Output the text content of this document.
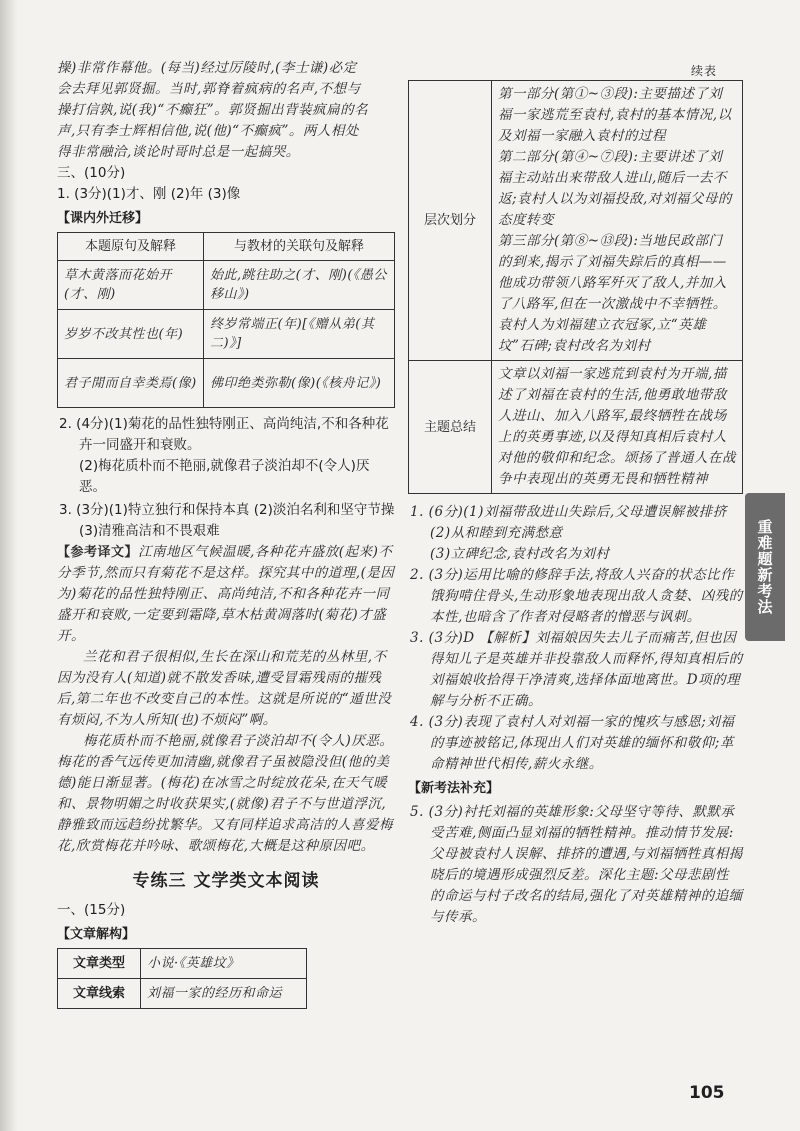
操)非常作幕他。(每当)经过厉陵时,(李士谦)必定

会去拜见郭贤掘。当时,郭脊着疯病的名声,不想与

操打信孰,说(我)“不癫狂”。郭贤掘出背装疯扁的名

声,只有李士辉相信他,说(他)“不癫疯”。两人相处

得非常融洽,谈论时哥时总是一起搞哭。

三、(10分)

1. (3分)(1)才、刚 (2)年 (3)像

【课内外迁移】

本题原句及解释	与教材的关联句及解释
草木黄落而花始开(才、刚)	始此,跳往助之(才、刚)(《愚公移山》)
岁岁不改其性也(年)	终岁常端正(年)[《赠从弟(其二)》]
君子閒而自幸类焉(像)	佛印绝类弥勒(像)(《核舟记》)

2. (4分)(1)菊花的品性独特刚正、高尚纯洁,不和各种花卉一同盛开和衰败。

(2)梅花质朴而不艳丽,就像君子淡泊却不(令人)厌恶。

3. (3分)(1)特立独行和保持本真 (2)淡泊名利和坚守节操 (3)清雅高洁和不畏艰难

【参考译文】江南地区气候温暖,各种花卉盛放(起来)不分季节,然而只有菊花不是这样。探究其中的道理,(是因为)菊花的品性独特刚正、高尚纯洁,不和各种花卉一同盛开和衰败,一定要到霜降,草木枯黄凋落时(菊花)才盛开。

兰花和君子很相似,生长在深山和荒芜的丛林里,不因为没有人(知道)就不散发香味,遭受冒霜残雨的摧残后,第二年也不改变自己的本性。这就是所说的“遁世没有烦闷,不为人所知(也)不烦闷”啊。

梅花质朴而不艳丽,就像君子淡泊却不(令人)厌恶。梅花的香气远传更加清幽,就像君子虽被隐没但(他的美德)能日渐显著。(梅花)在冰雪之时绽放花朵,在天气暖和、景物明媚之时收获果实,(就像)君子不与世道浮沉,静雅致而远趋纷扰繁华。又有同样追求高洁的人喜爱梅花,欣赏梅花并吟咏、歌颂梅花,大概是这种原因吧。

专练三 文学类文本阅读

一、(15分)

【文章解构】

文章类型	小说·《英雄坟》
文章线索	刘福一家的经历和命运
续表
层次划分	第一部分(第①~③段):主要描述了刘福一家逃荒至袁村,袁村的基本情况,以及刘福一家融入袁村的过程

第二部分(第④~⑦段):主要讲述了刘福主动站出来带敌人进山,随后一去不返;袁村人以为刘福投敌,对刘福父母的态度转变

第三部分(第⑧~⑬段):当地民政部门的到来,揭示了刘福失踪后的真相——他成功带领八路军歼灭了敌人,并加入了八路军,但在一次激战中不幸牺牲。袁村人为刘福建立衣冠冢,立“英雄坟”石碑;袁村改名为刘村

主题总结	文章以刘福一家逃荒到袁村为开端,描述了刘福在袁村的生活,他勇敢地带敌人进山、加入八路军,最终牺牲在战场上的英勇事迹,以及得知真相后袁村人对他的敬仰和纪念。颂扬了普通人在战争中表现出的英勇无畏和牺牲精神

1. (6分)(1)刘福带敌进山失踪后,父母遭误解被排挤

(2)从和睦到充满愁意

(3)立碑纪念,袁村改名为刘村

2. (3分)运用比喻的修辞手法,将敌人兴奋的状态比作饿狗啃住骨头,生动形象地表现出敌人贪婪、凶残的本性,也暗含了作者对侵略者的憎恶与讽刺。

3. (3分)D 【解析】刘福娘因失去儿子而痛苦,但也因得知儿子是英雄并非投靠敌人而释怀,得知真相后的刘福娘收拾得干净清爽,选择体面地离世。D项的理解与分析不正确。

4. (3分)表现了袁村人对刘福一家的愧疚与感恩;刘福的事迹被铭记,体现出人们对英雄的缅怀和敬仰;革命精神世代相传,薪火永继。

【新考法补充】

5. (3分)衬托刘福的英雄形象:父母坚守等待、默默承受苦难,侧面凸显刘福的牺牲精神。推动情节发展:父母被袁村人误解、排挤的遭遇,与刘福牺牲真相揭晓后的境遇形成强烈反差。深化主题:父母悲剧性的命运与村子改名的结局,强化了对英雄精神的追缅与传承。

重难题新考法
105
